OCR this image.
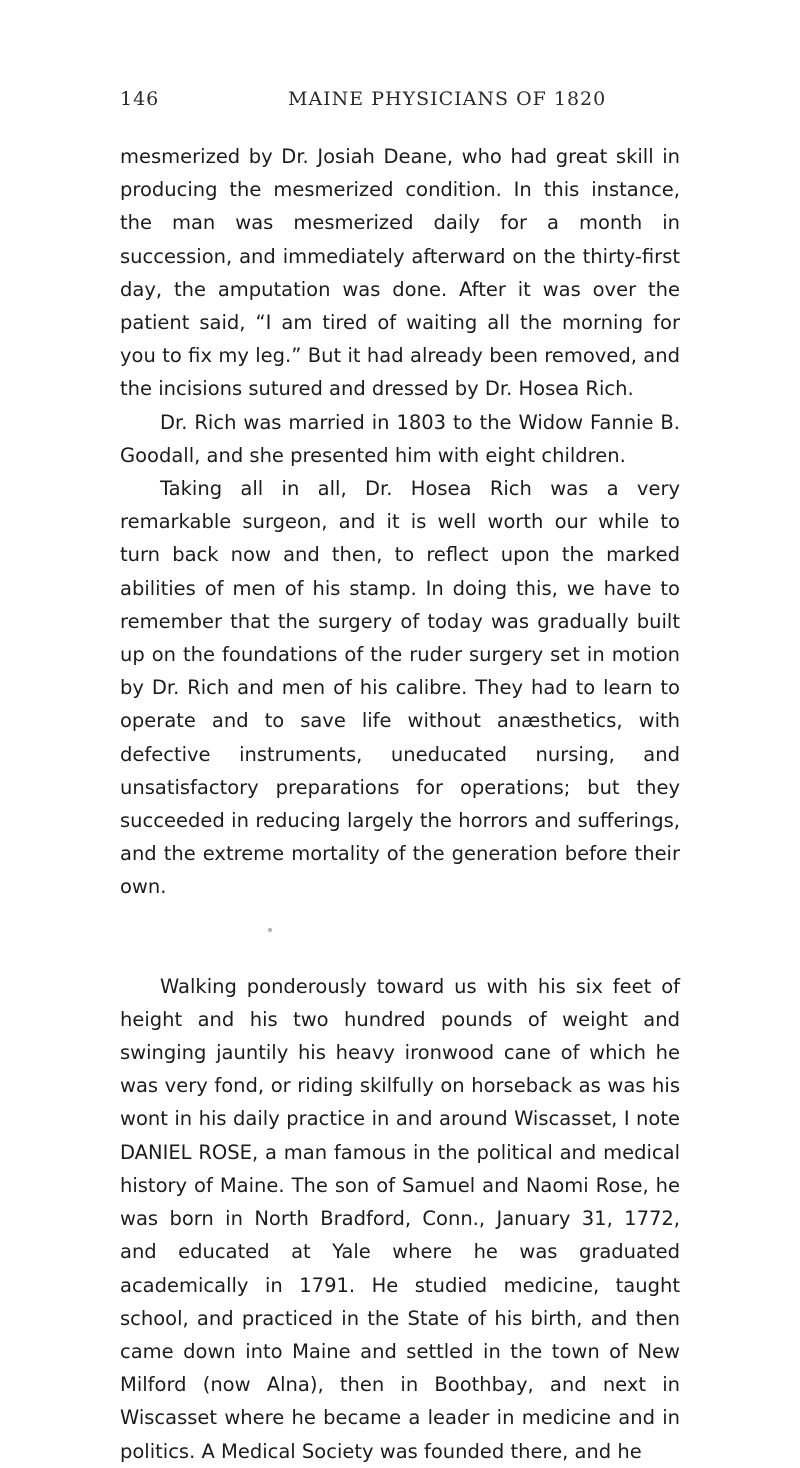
146	MAINE PHYSICIANS OF 1820

mesmerized by Dr. Josiah Deane, who had great skill in producing the mesmerized condition. In this instance, the man was mesmerized daily for a month in succession, and immediately afterward on the thirty-first day, the amputation was done. After it was over the patient said, “I am tired of waiting all the morning for you to fix my leg.” But it had already been removed, and the incisions sutured and dressed by Dr. Hosea Rich.

Dr. Rich was married in 1803 to the Widow Fannie B. Goodall, and she presented him with eight children.

Taking all in all, Dr. Hosea Rich was a very remarkable surgeon, and it is well worth our while to turn back now and then, to reflect upon the marked abilities of men of his stamp. In doing this, we have to remember that the surgery of today was gradually built up on the foundations of the ruder surgery set in motion by Dr. Rich and men of his calibre. They had to learn to operate and to save life without anæsthetics, with defective instruments, uneducated nursing, and unsatisfactory preparations for operations; but they succeeded in reducing largely the horrors and sufferings, and the extreme mortality of the generation before their own.

Walking ponderously toward us with his six feet of height and his two hundred pounds of weight and swinging jauntily his heavy ironwood cane of which he was very fond, or riding skilfully on horseback as was his wont in his daily practice in and around Wiscasset, I note DANIEL ROSE, a man famous in the political and medical history of Maine. The son of Samuel and Naomi Rose, he was born in North Bradford, Conn., January 31, 1772, and educated at Yale where he was graduated academically in 1791. He studied medicine, taught school, and practiced in the State of his birth, and then came down into Maine and settled in the town of New Milford (now Alna), then in Boothbay, and next in Wiscasset where he became a leader in medicine and in politics. A Medical Society was founded there, and he
